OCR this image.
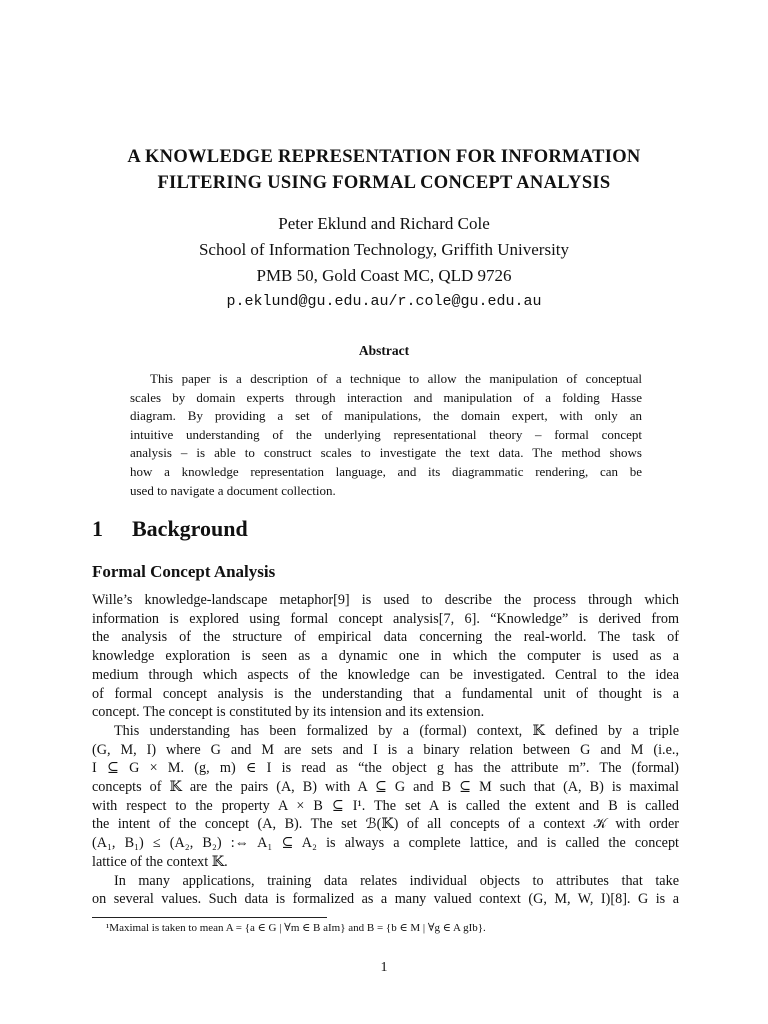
A KNOWLEDGE REPRESENTATION FOR INFORMATION
FILTERING USING FORMAL CONCEPT ANALYSIS
Peter Eklund and Richard Cole
School of Information Technology, Griffith University
PMB 50, Gold Coast MC, QLD 9726
p.eklund@gu.edu.au/r.cole@gu.edu.au
Abstract
This paper is a description of a technique to allow the manipulation of conceptual
scales by domain experts through interaction and manipulation of a folding Hasse
diagram. By providing a set of manipulations, the domain expert, with only an
intuitive understanding of the underlying representational theory – formal concept
analysis – is able to construct scales to investigate the text data. The method shows
how a knowledge representation language, and its diagrammatic rendering, can be
used to navigate a document collection.
1 Background
Formal Concept Analysis
Wille’s knowledge-landscape metaphor[9] is used to describe the process through which
information is explored using formal concept analysis[7, 6]. “Knowledge” is derived from
the analysis of the structure of empirical data concerning the real-world. The task of
knowledge exploration is seen as a dynamic one in which the computer is used as a
medium through which aspects of the knowledge can be investigated. Central to the idea
of formal concept analysis is the understanding that a fundamental unit of thought is a
concept. The concept is constituted by its intension and its extension.
This understanding has been formalized by a (formal) context, 𝕂 defined by a triple
(G, M, I) where G and M are sets and I is a binary relation between G and M (i.e.,
I ⊆ G × M. (g, m) ∈ I is read as “the object g has the attribute m”. The (formal)
concepts of 𝕂 are the pairs (A, B) with A ⊆ G and B ⊆ M such that (A, B) is maximal
with respect to the property A × B ⊆ I¹. The set A is called the extent and B is called
the intent of the concept (A, B). The set ℬ(𝕂) of all concepts of a context 𝒦 with order
(A₁, B₁) ≤ (A₂, B₂) :⇔ A₁ ⊆ A₂ is always a complete lattice, and is called the concept
lattice of the context 𝕂.
In many applications, training data relates individual objects to attributes that take
on several values. Such data is formalized as a many valued context (G, M, W, I)[8]. G is a
¹Maximal is taken to mean A = {a ∈ G | ∀m ∈ B aIm} and B = {b ∈ M | ∀g ∈ A gIb}.
1
